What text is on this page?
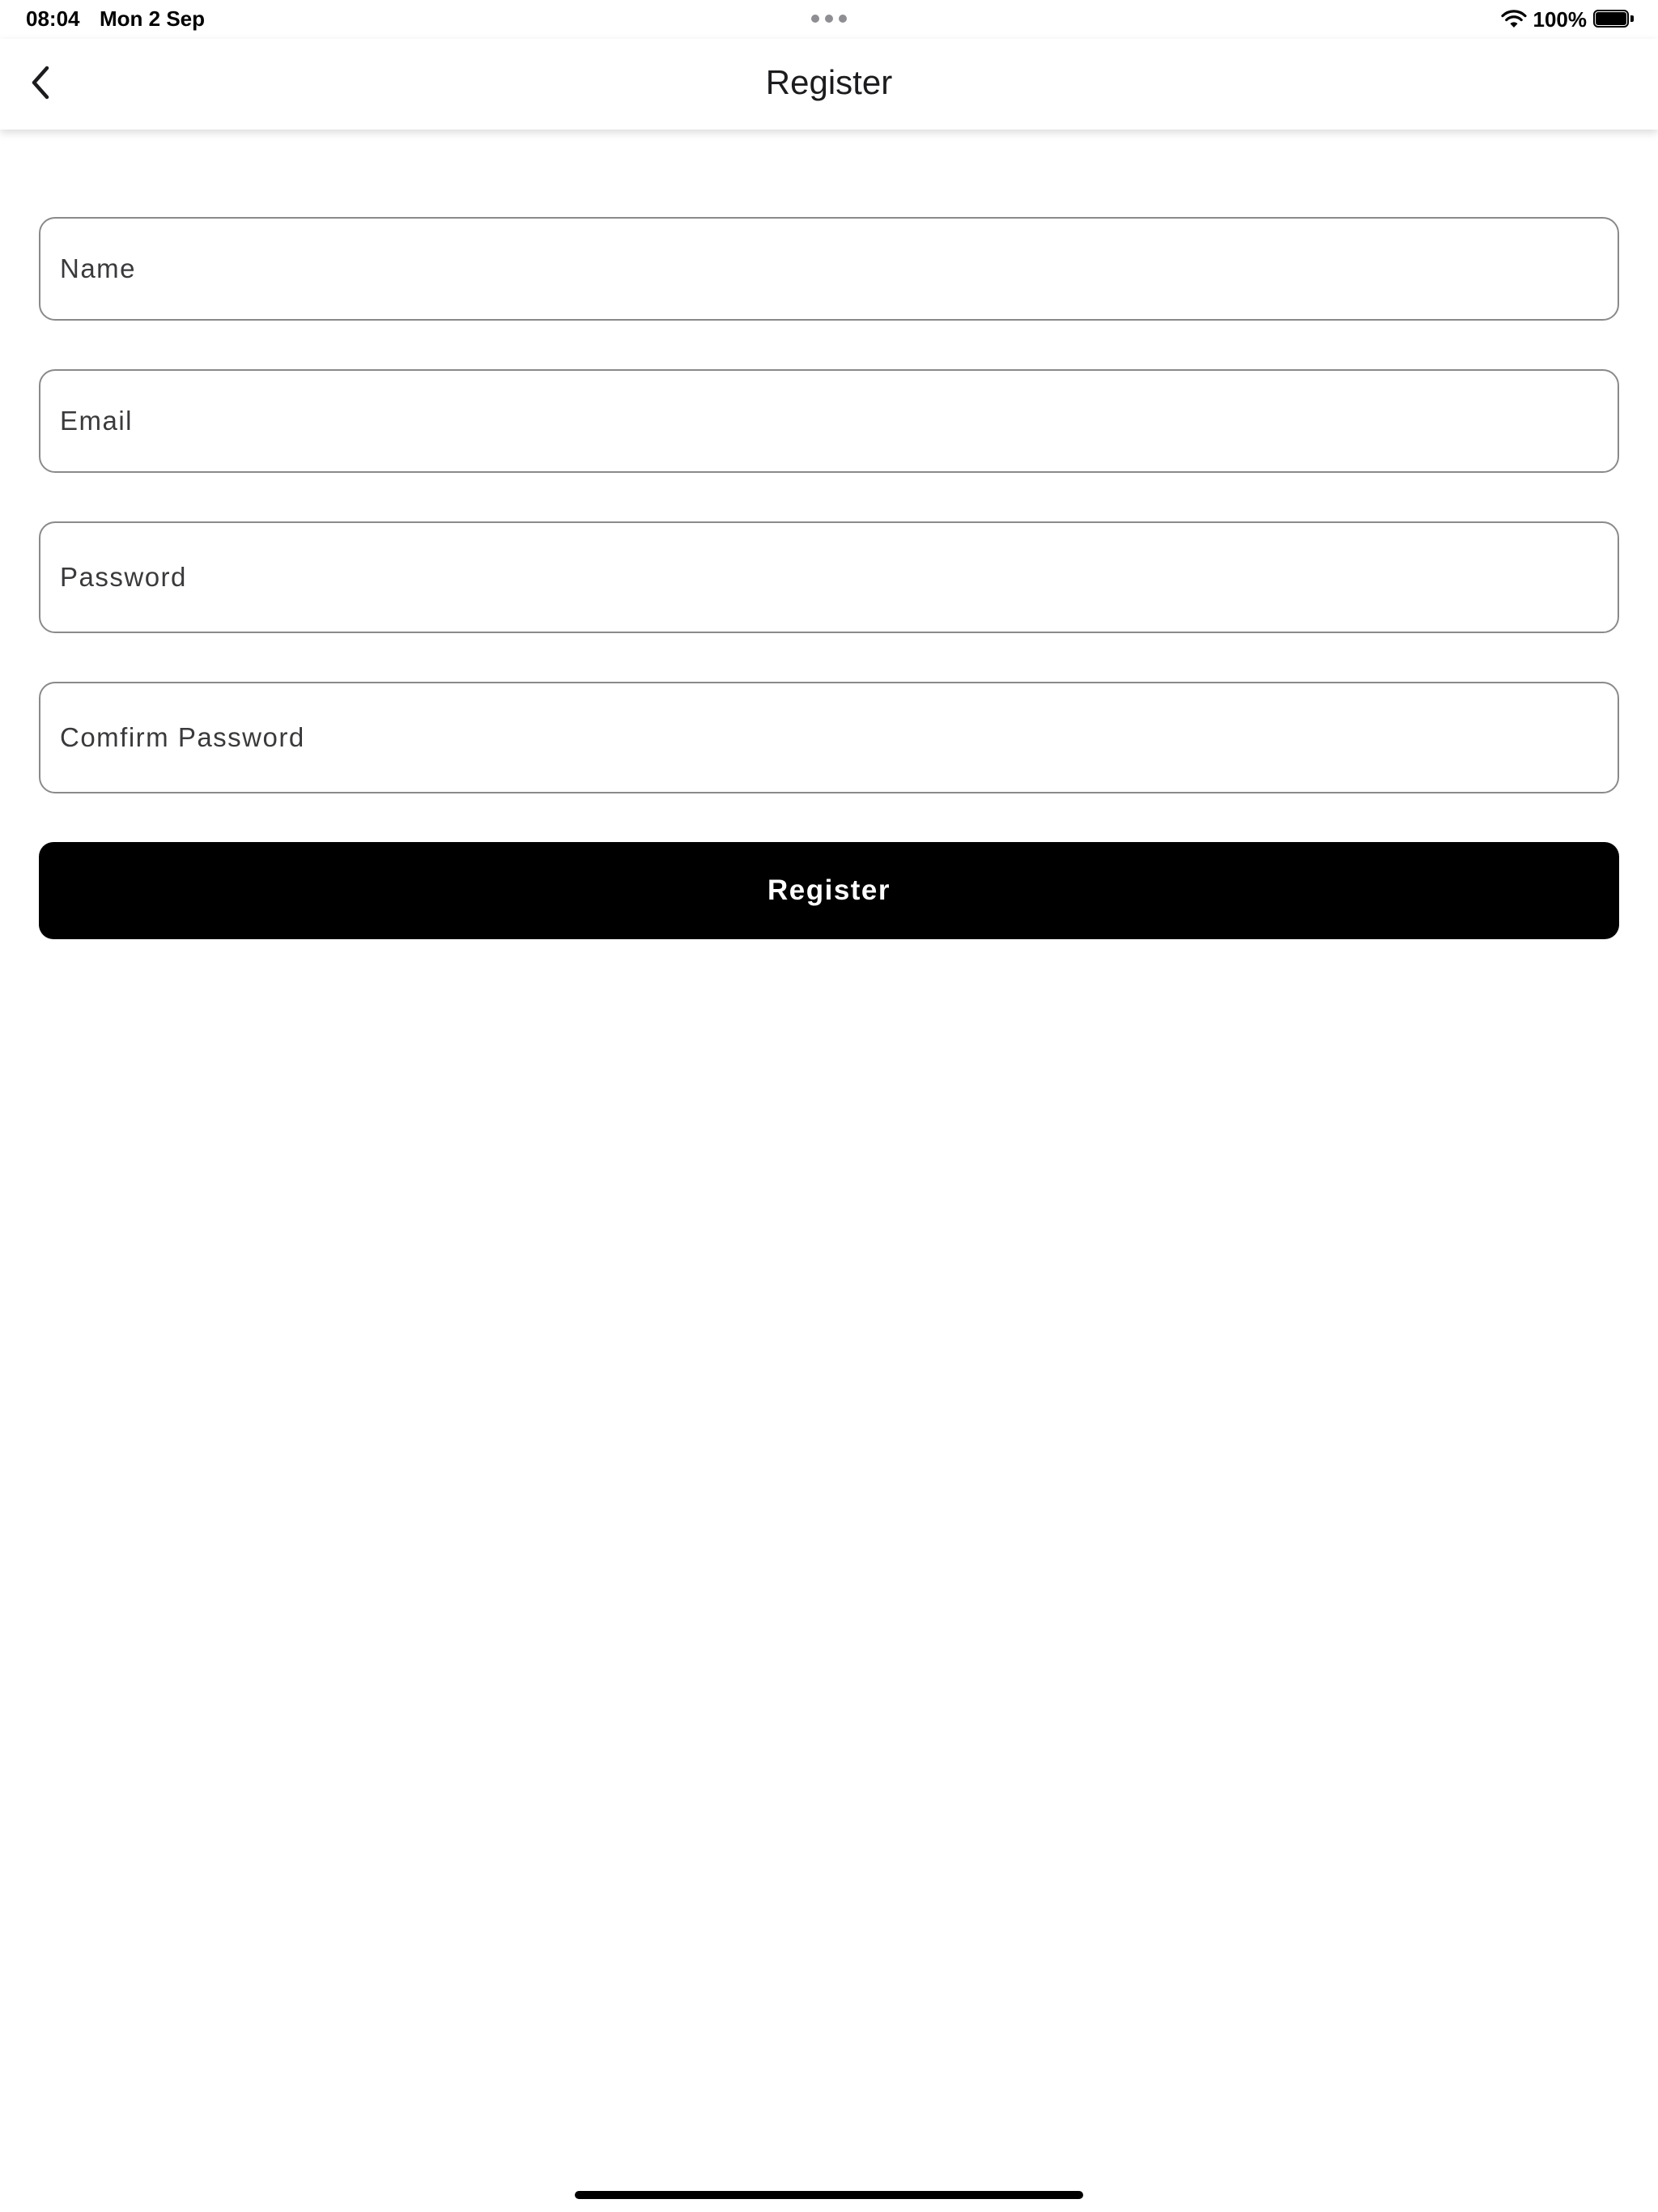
08:04 Mon 2 Sep	100%
Register
Name
Email
Register
